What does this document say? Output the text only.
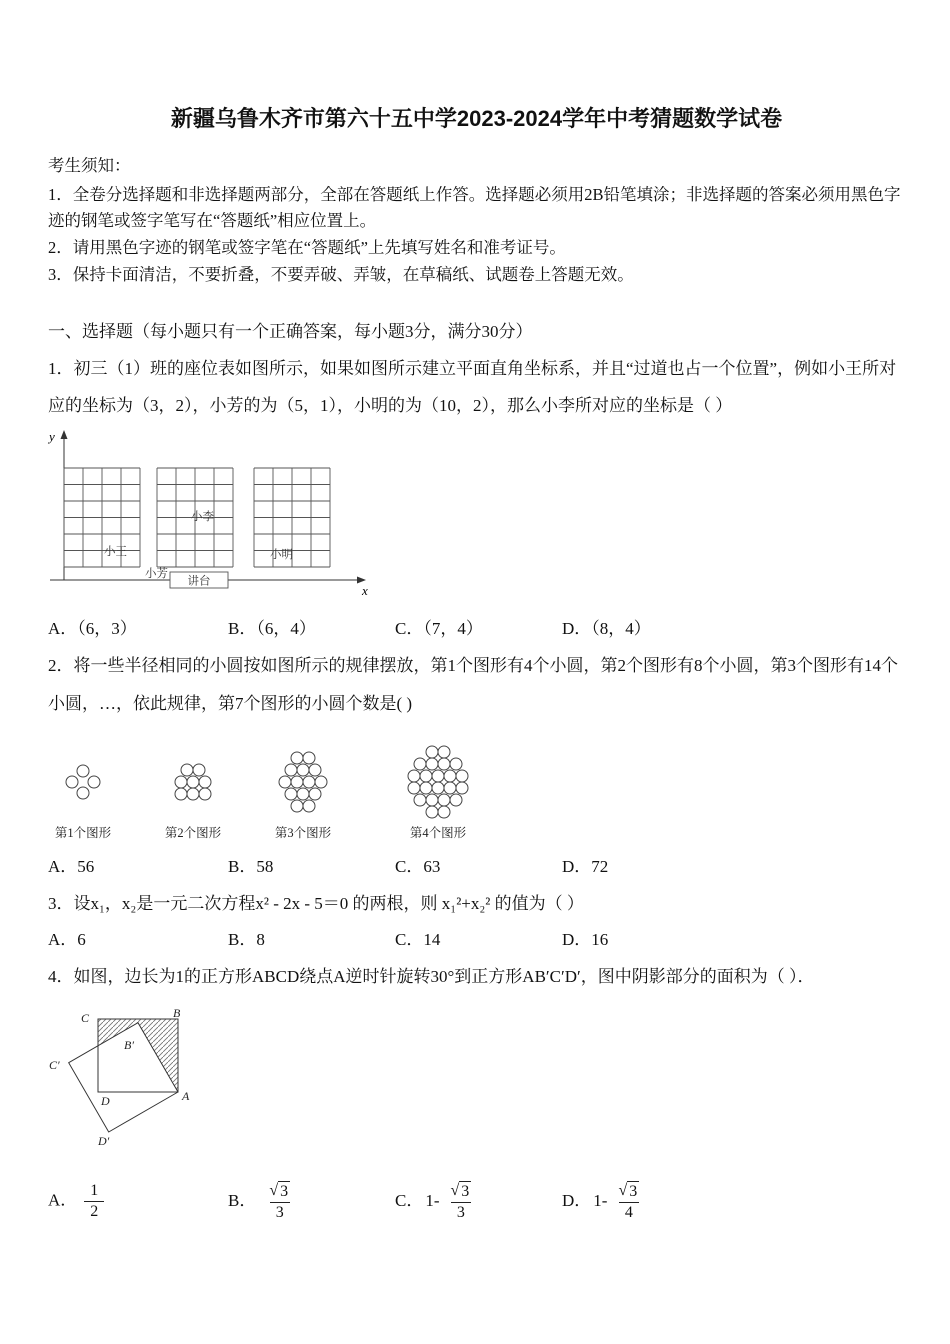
新疆乌鲁木齐市第六十五中学2023-2024学年中考猜题数学试卷
考生须知：
1．全卷分选择题和非选择题两部分，全部在答题纸上作答。选择题必须用2B铅笔填涂；非选择题的答案必须用黑色字迹的钢笔或签字笔写在“答题纸”相应位置上。
2．请用黑色字迹的钢笔或签字笔在“答题纸”上先填写姓名和准考证号。
3．保持卡面清洁，不要折叠，不要弄破、弄皱，在草稿纸、试题卷上答题无效。
一、选择题（每小题只有一个正确答案，每小题3分，满分30分）
1．初三（1）班的座位表如图所示，如果如图所示建立平面直角坐标系，并且“过道也占一个位置”，例如小王所对应的坐标为（3，2），小芳的为（5，1），小明的为（10，2），那么小李所对应的坐标是（ ）
y
x
讲台
小王
小芳
小李
小明
A．（6，3）	B．（6，4）	C．（7，4）	D．（8，4）
2．将一些半径相同的小圆按如图所示的规律摆放，第1个图形有4个小圆，第2个图形有8个小圆，第3个图形有14个小圆，…，依此规律，第7个图形的小圆个数是( )
第1个图形	第2个图形	第3个图形	第4个图形
A．56	B．58	C．63	D．72
3．设x₁，x₂是一元二次方程x² - 2x - 5＝0 的两根，则 x₁²+x₂² 的值为（ ）
A．6	B．8	C．14	D．16
4．如图，边长为1的正方形ABCD绕点A逆时针旋转30°到正方形AB′C′D′，图中阴影部分的面积为（ ）．
C	B
B′
C′
D	A
D′
A． $\frac{1}{2}$	B． $\frac{√ 3}{3}$	C． $1- \frac{√ 3}{3}$	D． $1- \frac{√ 3}{4}$
